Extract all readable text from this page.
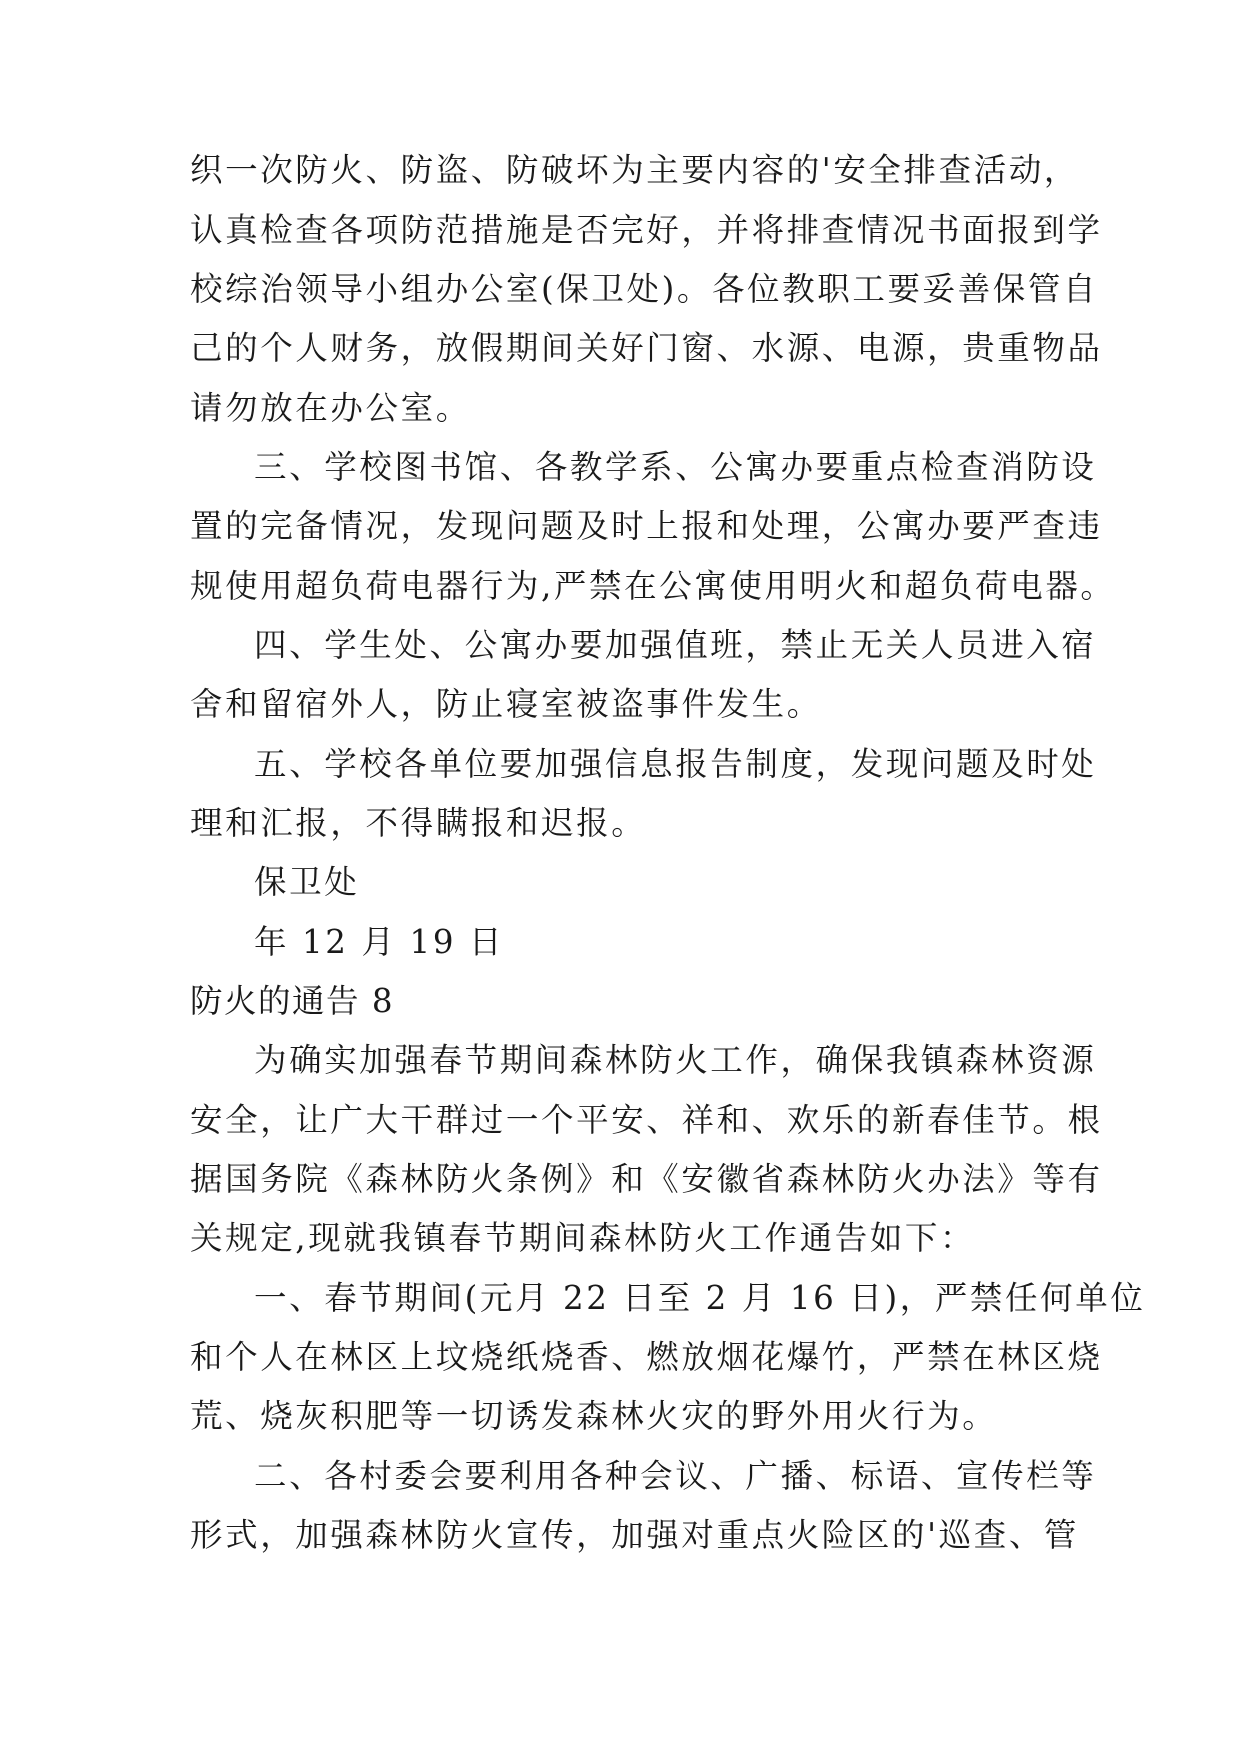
织一次防火、防盗、防破坏为主要内容的'安全排查活动，
认真检查各项防范措施是否完好，并将排查情况书面报到学
校综治领导小组办公室(保卫处)。各位教职工要妥善保管自
己的个人财务，放假期间关好门窗、水源、电源，贵重物品
请勿放在办公室。
三、学校图书馆、各教学系、公寓办要重点检查消防设
置的完备情况，发现问题及时上报和处理，公寓办要严查违
规使用超负荷电器行为,严禁在公寓使用明火和超负荷电器。
四、学生处、公寓办要加强值班，禁止无关人员进入宿
舍和留宿外人，防止寝室被盗事件发生。
五、学校各单位要加强信息报告制度，发现问题及时处
理和汇报，不得瞒报和迟报。
保卫处
年 12 月 19 日
防火的通告 8
为确实加强春节期间森林防火工作，确保我镇森林资源
安全，让广大干群过一个平安、祥和、欢乐的新春佳节。根
据国务院《森林防火条例》和《安徽省森林防火办法》等有
关规定,现就我镇春节期间森林防火工作通告如下：
一、春节期间(元月 22 日至 2 月 16 日)，严禁任何单位
和个人在林区上坟烧纸烧香、燃放烟花爆竹，严禁在林区烧
荒、烧灰积肥等一切诱发森林火灾的野外用火行为。
二、各村委会要利用各种会议、广播、标语、宣传栏等
形式，加强森林防火宣传，加强对重点火险区的'巡查、管
